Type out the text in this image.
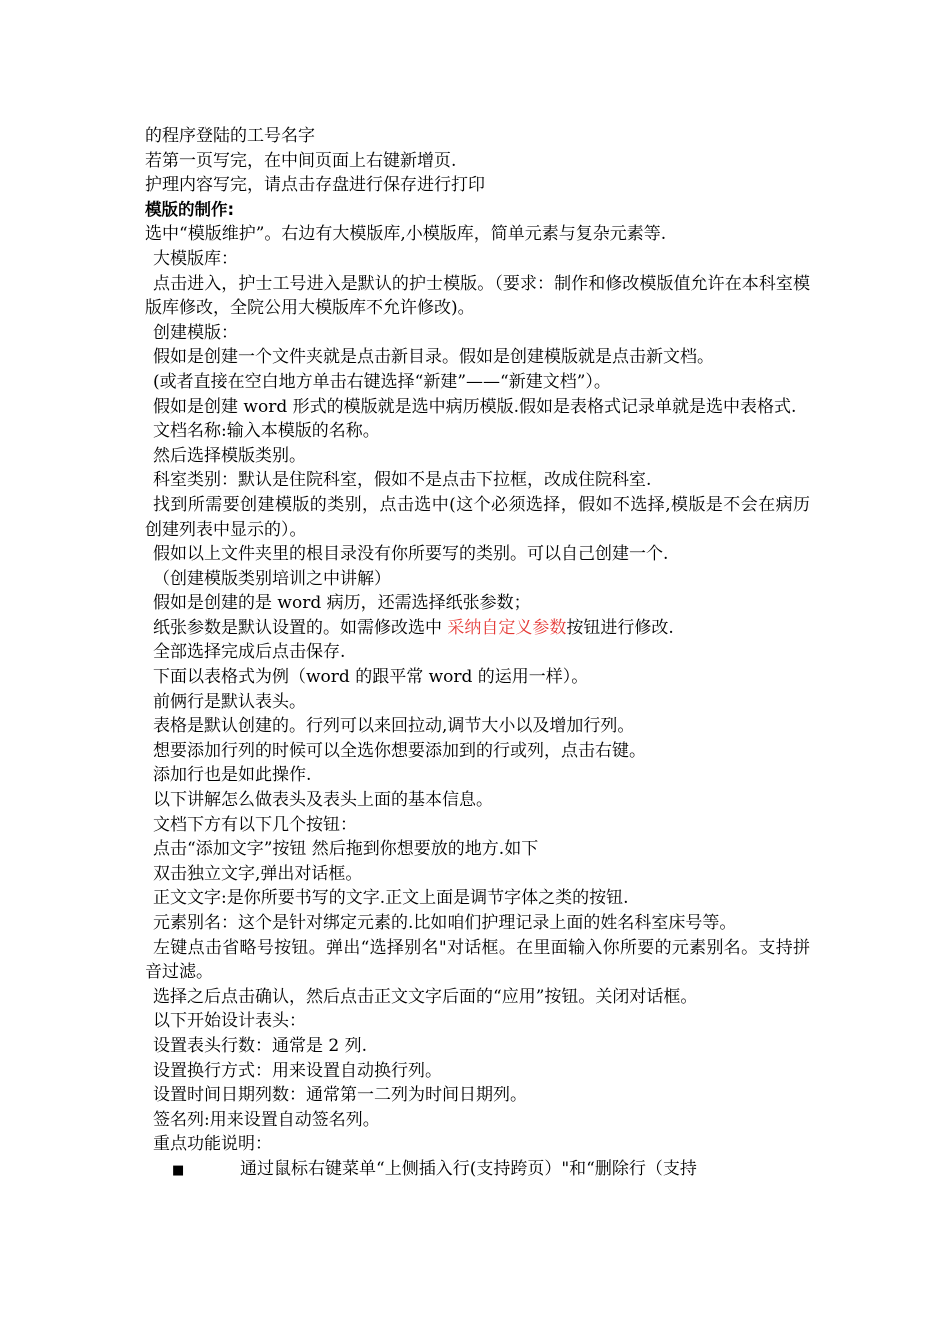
的程序登陆的工号名字

若第一页写完，在中间页面上右键新增页.

护理内容写完，请点击存盘进行保存进行打印

模版的制作:

选中“模版维护”。右边有大模版库,小模版库，简单元素与复杂元素等.

大模版库：

点击进入，护士工号进入是默认的护士模版。（要求：制作和修改模版值允许在本科室模版库修改，全院公用大模版库不允许修改)。

创建模版：

假如是创建一个文件夹就是点击新目录。假如是创建模版就是点击新文档。

(或者直接在空白地方单击右键选择“新建”——“新建文档”）。

假如是创建 word 形式的模版就是选中病历模版.假如是表格式记录单就是选中表格式.

文档名称:输入本模版的名称。

然后选择模版类别。

科室类别：默认是住院科室，假如不是点击下拉框，改成住院科室.

找到所需要创建模版的类别，点击选中(这个必须选择，假如不选择,模版是不会在病历创建列表中显示的）。

假如以上文件夹里的根目录没有你所要写的类别。可以自己创建一个.

（创建模版类别培训之中讲解）

假如是创建的是 word 病历，还需选择纸张参数；

纸张参数是默认设置的。如需修改选中 采纳自定义参数按钮进行修改.

全部选择完成后点击保存.

下面以表格式为例（word 的跟平常 word 的运用一样）。

前俩行是默认表头。

表格是默认创建的。行列可以来回拉动,调节大小以及增加行列。

想要添加行列的时候可以全选你想要添加到的行或列，点击右键。

添加行也是如此操作.

以下讲解怎么做表头及表头上面的基本信息。

文档下方有以下几个按钮：

点击“添加文字”按钮 然后拖到你想要放的地方.如下

双击独立文字,弹出对话框。

正文文字:是你所要书写的文字.正文上面是调节字体之类的按钮.

元素别名：这个是针对绑定元素的.比如咱们护理记录上面的姓名科室床号等。

左键点击省略号按钮。弹出“选择别名"对话框。在里面输入你所要的元素别名。支持拼音过滤。

选择之后点击确认，然后点击正文文字后面的“应用”按钮。关闭对话框。

以下开始设计表头：

设置表头行数：通常是 2 列.

设置换行方式：用来设置自动换行列。

设置时间日期列数：通常第一二列为时间日期列。

签名列:用来设置自动签名列。

重点功能说明：

■	通过鼠标右键菜单“上侧插入行(支持跨页）"和“删除行（支持
